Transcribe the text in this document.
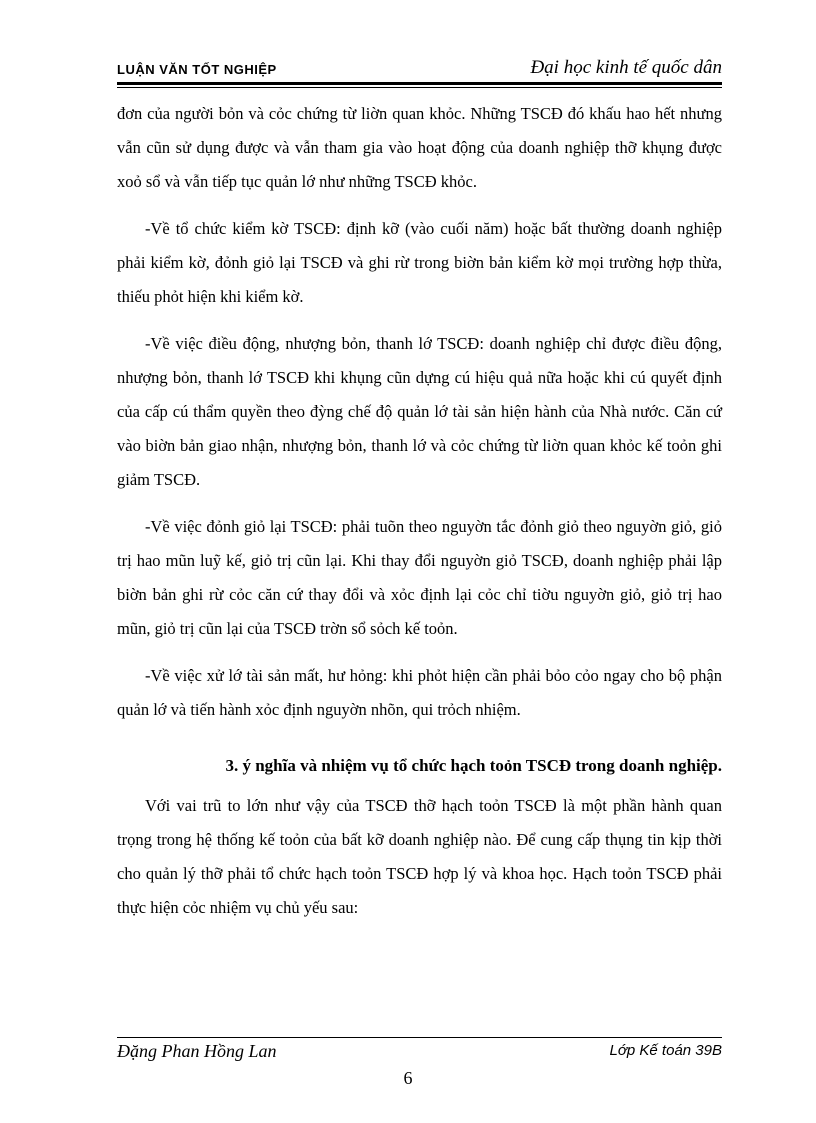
LUẬN VĂN TỐT NGHIỆP	Đại học kinh tế quốc dân

đơn của người bỏn và cỏc chứng từ liờn quan khỏc. Những TSCĐ đó khấu hao hết nhưng vẫn cũn sử dụng được và vẫn tham gia vào hoạt động của doanh nghiệp thỡ khụng được xoỏ sổ và vẫn tiếp tục quản lớ như những TSCĐ khỏc.

-Về tổ chức kiểm kờ TSCĐ: định kỡ (vào cuối năm) hoặc bất thường doanh nghiệp phải kiểm kờ, đỏnh giỏ lại TSCĐ và ghi rừ trong biờn bản kiểm kờ mọi trường hợp thừa, thiếu phỏt hiện khi kiểm kờ.

-Về việc điều động, nhượng bỏn, thanh lớ TSCĐ: doanh nghiệp chỉ được điều động, nhượng bỏn, thanh lớ TSCĐ khi khụng cũn dựng cú hiệu quả nữa hoặc khi cú quyết định của cấp cú thẩm quyền theo đỳng chế độ quản lớ tài sản hiện hành của Nhà nước. Căn cứ vào biờn bản giao nhận, nhượng bỏn, thanh lớ và cỏc chứng từ liờn quan khỏc kế toỏn ghi giảm TSCĐ.

-Về việc đỏnh giỏ lại TSCĐ: phải tuõn theo nguyờn tắc đỏnh giỏ theo nguyờn giỏ, giỏ trị hao mũn luỹ kế, giỏ trị cũn lại. Khi thay đổi nguyờn giỏ TSCĐ, doanh nghiệp phải lập biờn bản ghi rừ cỏc căn cứ thay đổi và xỏc định lại cỏc chỉ tiờu nguyờn giỏ, giỏ trị hao mũn, giỏ trị cũn lại của TSCĐ trờn sổ sỏch kế toỏn.

-Về việc xử lớ tài sản mất, hư hỏng: khi phỏt hiện cần phải bỏo cỏo ngay cho bộ phận quản lớ và tiến hành xỏc định nguyờn nhõn, qui trỏch nhiệm.

3. ý nghĩa và nhiệm vụ tổ chức hạch toỏn TSCĐ trong doanh nghiệp.

Với vai trũ to lớn như vậy của TSCĐ thỡ hạch toỏn TSCĐ là một phần hành quan trọng trong hệ thống kế toỏn của bất kỡ doanh nghiệp nào. Để cung cấp thụng tin kịp thời cho quản lý thỡ phải tổ chức hạch toỏn TSCĐ hợp lý và khoa học. Hạch toỏn TSCĐ phải thực hiện cỏc nhiệm vụ chủ yếu sau:

Đặng Phan Hồng Lan	Lớp Kế toán 39B
6
